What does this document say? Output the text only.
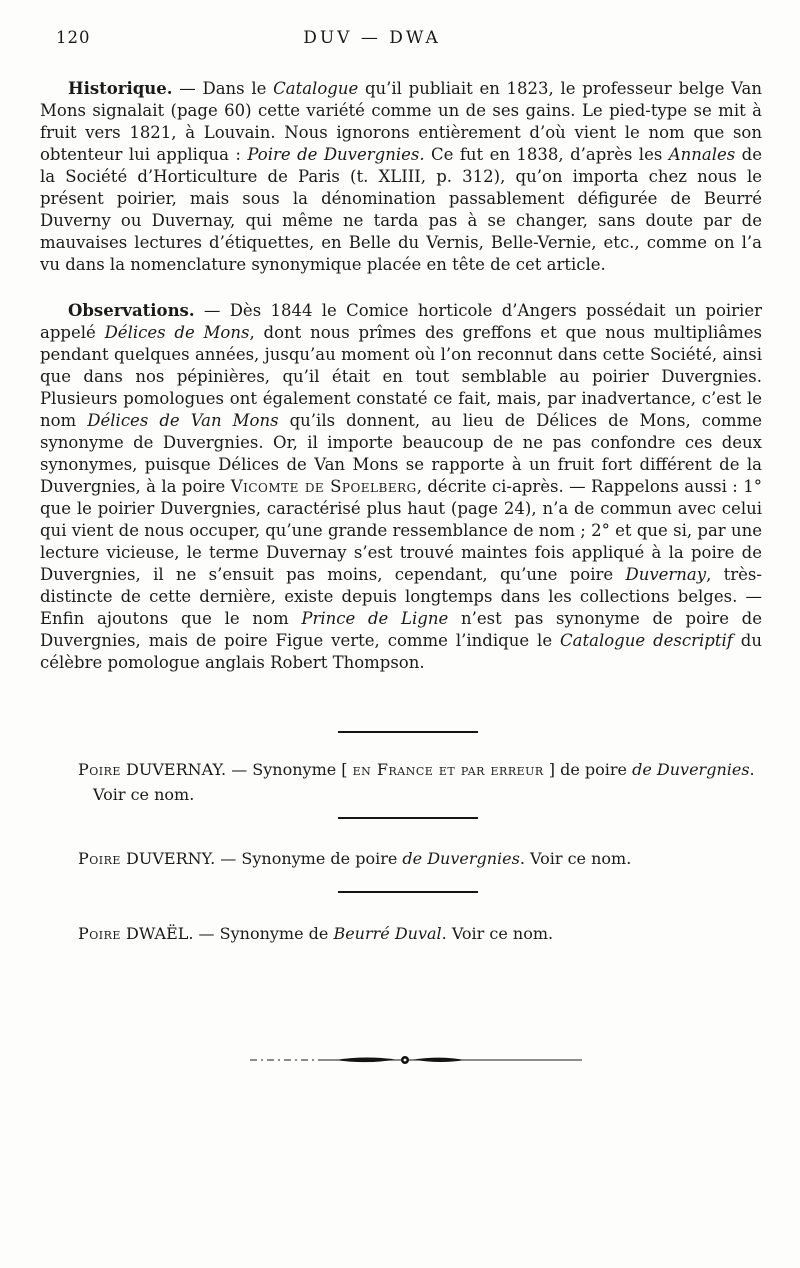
120	DUV — DWA

Historique. — Dans le Catalogue qu’il publiait en 1823, le professeur belge Van Mons signalait (page 60) cette variété comme un de ses gains. Le pied-type se mit à fruit vers 1821, à Louvain. Nous ignorons entièrement d’où vient le nom que son obtenteur lui appliqua : Poire de Duvergnies. Ce fut en 1838, d’après les Annales de la Société d’Horticulture de Paris (t. XLIII, p. 312), qu’on importa chez nous le présent poirier, mais sous la dénomination passablement défigurée de Beurré Duverny ou Duvernay, qui même ne tarda pas à se changer, sans doute par de mauvaises lectures d’étiquettes, en Belle du Vernis, Belle-Vernie, etc., comme on l’a vu dans la nomenclature synonymique placée en tête de cet article.

Observations. — Dès 1844 le Comice horticole d’Angers possédait un poirier appelé Délices de Mons, dont nous prîmes des greffons et que nous multipliâmes pendant quelques années, jusqu’au moment où l’on reconnut dans cette Société, ainsi que dans nos pépinières, qu’il était en tout semblable au poirier Duvergnies. Plusieurs pomologues ont également constaté ce fait, mais, par inadvertance, c’est le nom Délices de Van Mons qu’ils donnent, au lieu de Délices de Mons, comme synonyme de Duvergnies. Or, il importe beaucoup de ne pas confondre ces deux synonymes, puisque Délices de Van Mons se rapporte à un fruit fort différent de la Duvergnies, à la poire Vicomte de Spoelberg, décrite ci-après. — Rappelons aussi : 1° que le poirier Duvergnies, caractérisé plus haut (page 24), n’a de commun avec celui qui vient de nous occuper, qu’une grande ressemblance de nom ; 2° et que si, par une lecture vicieuse, le terme Duvernay s’est trouvé maintes fois appliqué à la poire de Duvergnies, il ne s’ensuit pas moins, cependant, qu’une poire Duvernay, très-distincte de cette dernière, existe depuis longtemps dans les collections belges. — Enfin ajoutons que le nom Prince de Ligne n’est pas synonyme de poire de Duvergnies, mais de poire Figue verte, comme l’indique le Catalogue descriptif du célèbre pomologue anglais Robert Thompson.

Poire DUVERNAY. — Synonyme [ en France et par erreur ] de poire de Duvergnies. Voir ce nom.

Poire DUVERNY. — Synonyme de poire de Duvergnies. Voir ce nom.

Poire DWAËL. — Synonyme de Beurré Duval. Voir ce nom.
